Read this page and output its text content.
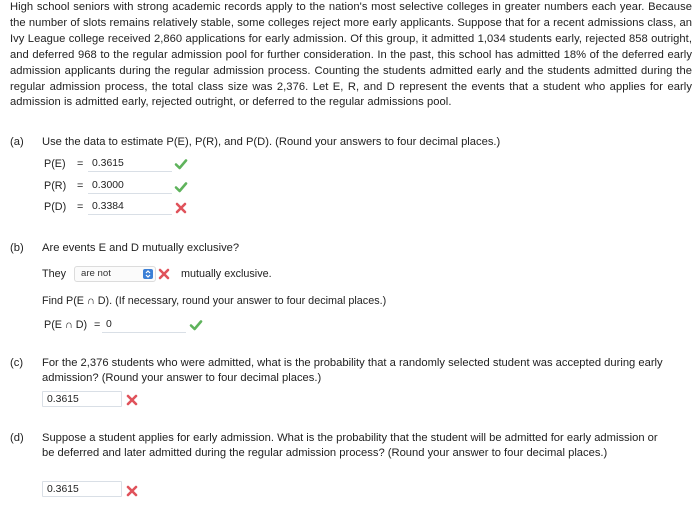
High school seniors with strong academic records apply to the nation's most selective colleges in greater numbers each year. Because the number of slots remains relatively stable, some colleges reject more early applicants. Suppose that for a recent admissions class, an Ivy League college received 2,860 applications for early admission. Of this group, it admitted 1,034 students early, rejected 858 outright, and deferred 968 to the regular admission pool for further consideration. In the past, this school has admitted 18% of the deferred early admission applicants during the regular admission process. Counting the students admitted early and the students admitted during the regular admission process, the total class size was 2,376. Let E, R, and D represent the events that a student who applies for early admission is admitted early, rejected outright, or deferred to the regular admissions pool.
(a) Use the data to estimate P(E), P(R), and P(D). (Round your answers to four decimal places.)
P(E) = 0.3615
P(R) = 0.3000
P(D) = 0.3384
(b) Are events E and D mutually exclusive?
They	are not	mutually exclusive.
Find P(E ∩ D). (If necessary, round your answer to four decimal places.)
P(E ∩ D) = 0
(c) For the 2,376 students who were admitted, what is the probability that a randomly selected student was accepted during early admission? (Round your answer to four decimal places.)
0.3615
(d) Suppose a student applies for early admission. What is the probability that the student will be admitted for early admission or be deferred and later admitted during the regular admission process? (Round your answer to four decimal places.)
0.3615
